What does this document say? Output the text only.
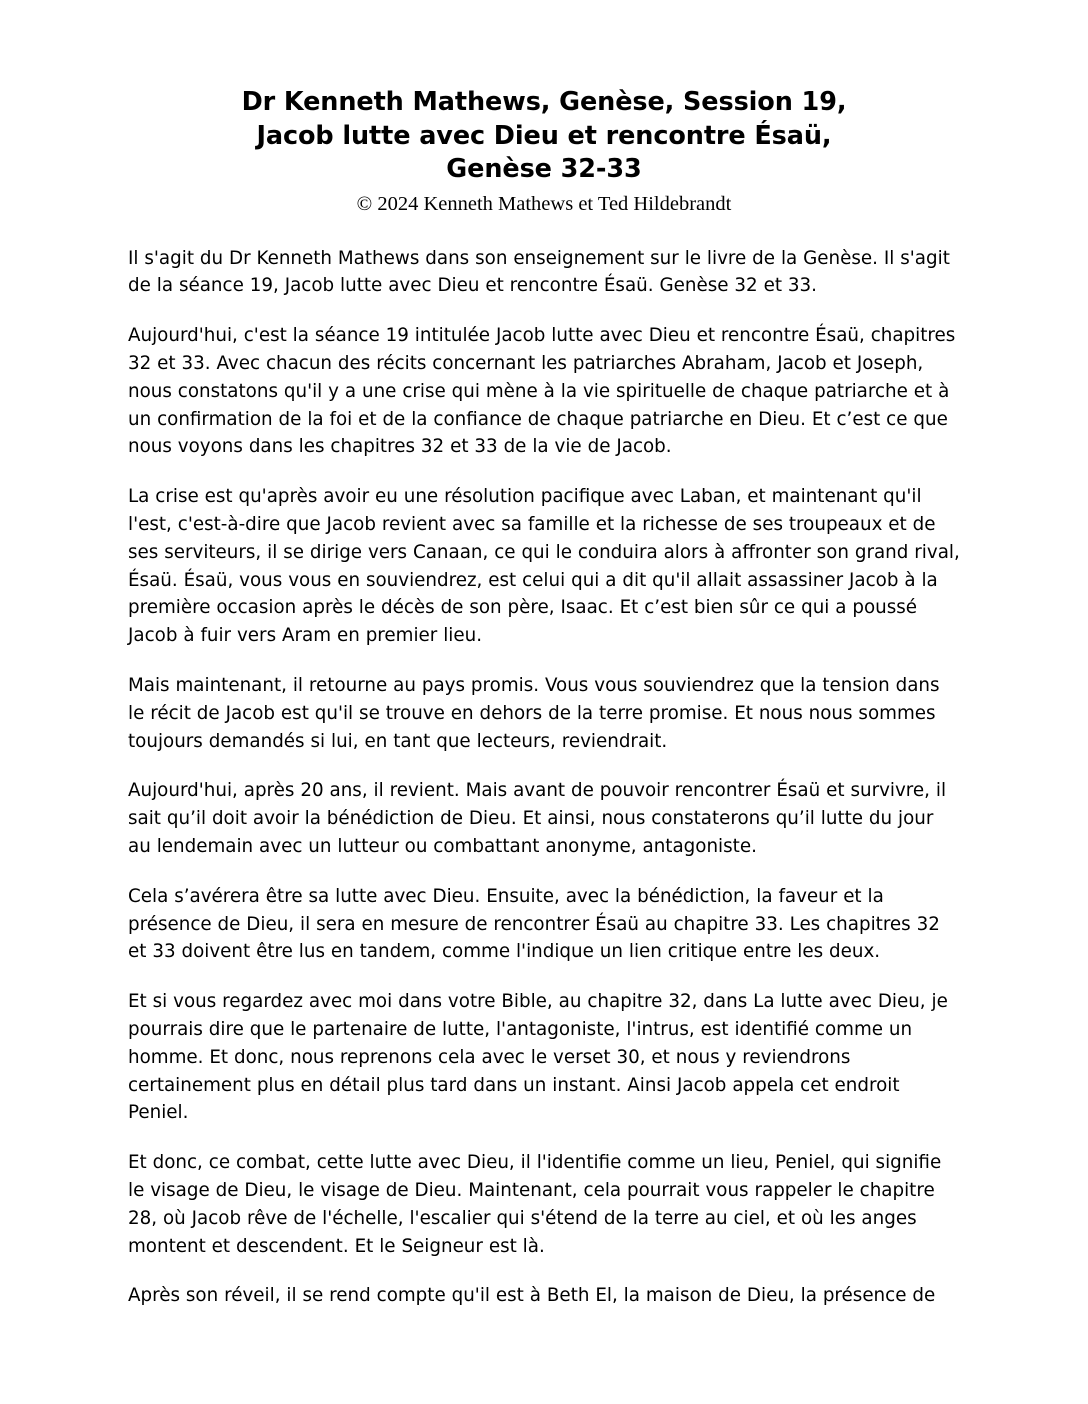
Dr Kenneth Mathews, Genèse, Session 19,
Jacob lutte avec Dieu et rencontre Ésaü,
Genèse 32-33
© 2024 Kenneth Mathews et Ted Hildebrandt

Il s'agit du Dr Kenneth Mathews dans son enseignement sur le livre de la Genèse. Il s'agit de la séance 19, Jacob lutte avec Dieu et rencontre Ésaü. Genèse 32 et 33.

Aujourd'hui, c'est la séance 19 intitulée Jacob lutte avec Dieu et rencontre Ésaü, chapitres 32 et 33. Avec chacun des récits concernant les patriarches Abraham, Jacob et Joseph, nous constatons qu'il y a une crise qui mène à la vie spirituelle de chaque patriarche et à un confirmation de la foi et de la confiance de chaque patriarche en Dieu. Et c’est ce que nous voyons dans les chapitres 32 et 33 de la vie de Jacob.

La crise est qu'après avoir eu une résolution pacifique avec Laban, et maintenant qu'il l'est, c'est-à-dire que Jacob revient avec sa famille et la richesse de ses troupeaux et de ses serviteurs, il se dirige vers Canaan, ce qui le conduira alors à affronter son grand rival, Ésaü. Ésaü, vous vous en souviendrez, est celui qui a dit qu'il allait assassiner Jacob à la première occasion après le décès de son père, Isaac. Et c’est bien sûr ce qui a poussé Jacob à fuir vers Aram en premier lieu.

Mais maintenant, il retourne au pays promis. Vous vous souviendrez que la tension dans le récit de Jacob est qu'il se trouve en dehors de la terre promise. Et nous nous sommes toujours demandés si lui, en tant que lecteurs, reviendrait.

Aujourd'hui, après 20 ans, il revient. Mais avant de pouvoir rencontrer Ésaü et survivre, il sait qu’il doit avoir la bénédiction de Dieu. Et ainsi, nous constaterons qu’il lutte du jour au lendemain avec un lutteur ou combattant anonyme, antagoniste.

Cela s’avérera être sa lutte avec Dieu. Ensuite, avec la bénédiction, la faveur et la présence de Dieu, il sera en mesure de rencontrer Ésaü au chapitre 33. Les chapitres 32 et 33 doivent être lus en tandem, comme l'indique un lien critique entre les deux.

Et si vous regardez avec moi dans votre Bible, au chapitre 32, dans La lutte avec Dieu, je pourrais dire que le partenaire de lutte, l'antagoniste, l'intrus, est identifié comme un homme. Et donc, nous reprenons cela avec le verset 30, et nous y reviendrons certainement plus en détail plus tard dans un instant. Ainsi Jacob appela cet endroit Peniel.

Et donc, ce combat, cette lutte avec Dieu, il l'identifie comme un lieu, Peniel, qui signifie le visage de Dieu, le visage de Dieu. Maintenant, cela pourrait vous rappeler le chapitre 28, où Jacob rêve de l'échelle, l'escalier qui s'étend de la terre au ciel, et où les anges montent et descendent. Et le Seigneur est là.

Après son réveil, il se rend compte qu'il est à Beth El, la maison de Dieu, la présence de
